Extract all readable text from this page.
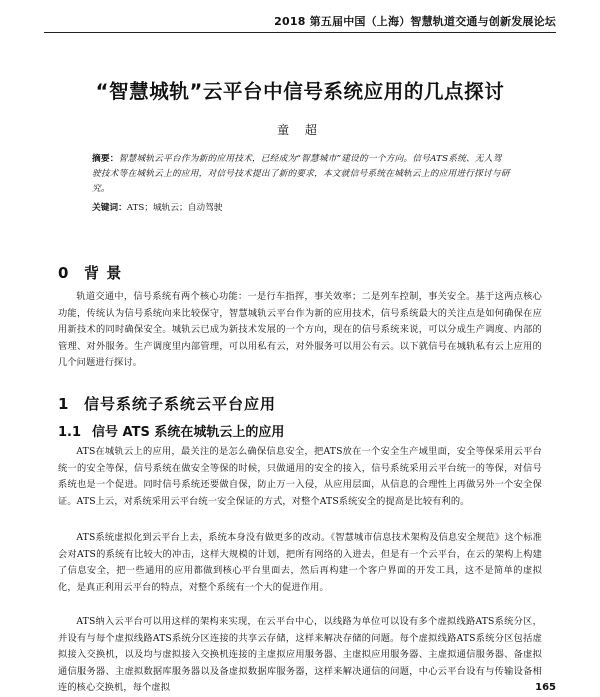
2018 第五届中国（上海）智慧轨道交通与创新发展论坛
“智慧城轨”云平台中信号系统应用的几点探讨
童 超
摘要：智慧城轨云平台作为新的应用技术，已经成为“智慧城市”建设的一个方向。信号ATS系统、无人驾驶技术等在城轨云上的应用，对信号技术提出了新的要求，本文就信号系统在城轨云上的应用进行探讨与研究。
关键词：ATS；城轨云；自动驾驶
0 背 景
轨道交通中，信号系统有两个核心功能：一是行车指挥，事关效率；二是列车控制，事关安全。基于这两点核心功能，传统认为信号系统向来比较保守，智慧城轨云平台作为新的应用技术，信号系统最大的关注点是如何确保在应用新技术的同时确保安全。城轨云已成为新技术发展的一个方向，现在的信号系统来说，可以分成生产调度、内部的管理、对外服务。生产调度里内部管理，可以用私有云，对外服务可以用公有云。以下就信号在城轨私有云上应用的几个问题进行探讨。
1 信号系统子系统云平台应用
1.1 信号 ATS 系统在城轨云上的应用
ATS在城轨云上的应用，最关注的是怎么确保信息安全，把ATS放在一个安全生产域里面，安全等保采用云平台统一的安全等保，信号系统在做安全等保的时候，只做通用的安全的接入，信号系统采用云平台统一的等保，对信号系统也是一个促进。同时信号系统还要做自保，防止万一入侵，从应用层面，从信息的合理性上再做另外一个安全保证。ATS上云，对系统采用云平台统一安全保证的方式，对整个ATS系统安全的提高是比较有利的。
ATS系统虚拟化到云平台上去，系统本身没有做更多的改动。《智慧城市信息技术架构及信息安全规范》这个标准会对ATS的系统有比较大的冲击，这样大规模的计划，把所有网络的入进去，但是有一个云平台，在云的架构上构建了信息安全，把一些通用的应用都做到核心平台里面去，然后再构建一个客户界面的开发工具，这不是简单的虚拟化，是真正利用云平台的特点，对整个系统有一个大的促进作用。
ATS纳入云平台可以用这样的架构来实现，在云平台中心，以线路为单位可以设有多个虚拟线路ATS系统分区，并设有与每个虚拟线路ATS系统分区连接的共享云存储，这样来解决存储的问题。每个虚拟线路ATS系统分区包括虚拟接入交换机，以及均与虚拟接入交换机连接的主虚拟应用服务器、主虚拟应用服务器、主虚拟通信服务器、备虚拟通信服务器、主虚拟数据库服务器以及备虚拟数据库服务器，这样来解决通信的问题，中心云平台设有与传输设备相连的核心交换机，每个虚拟	165
